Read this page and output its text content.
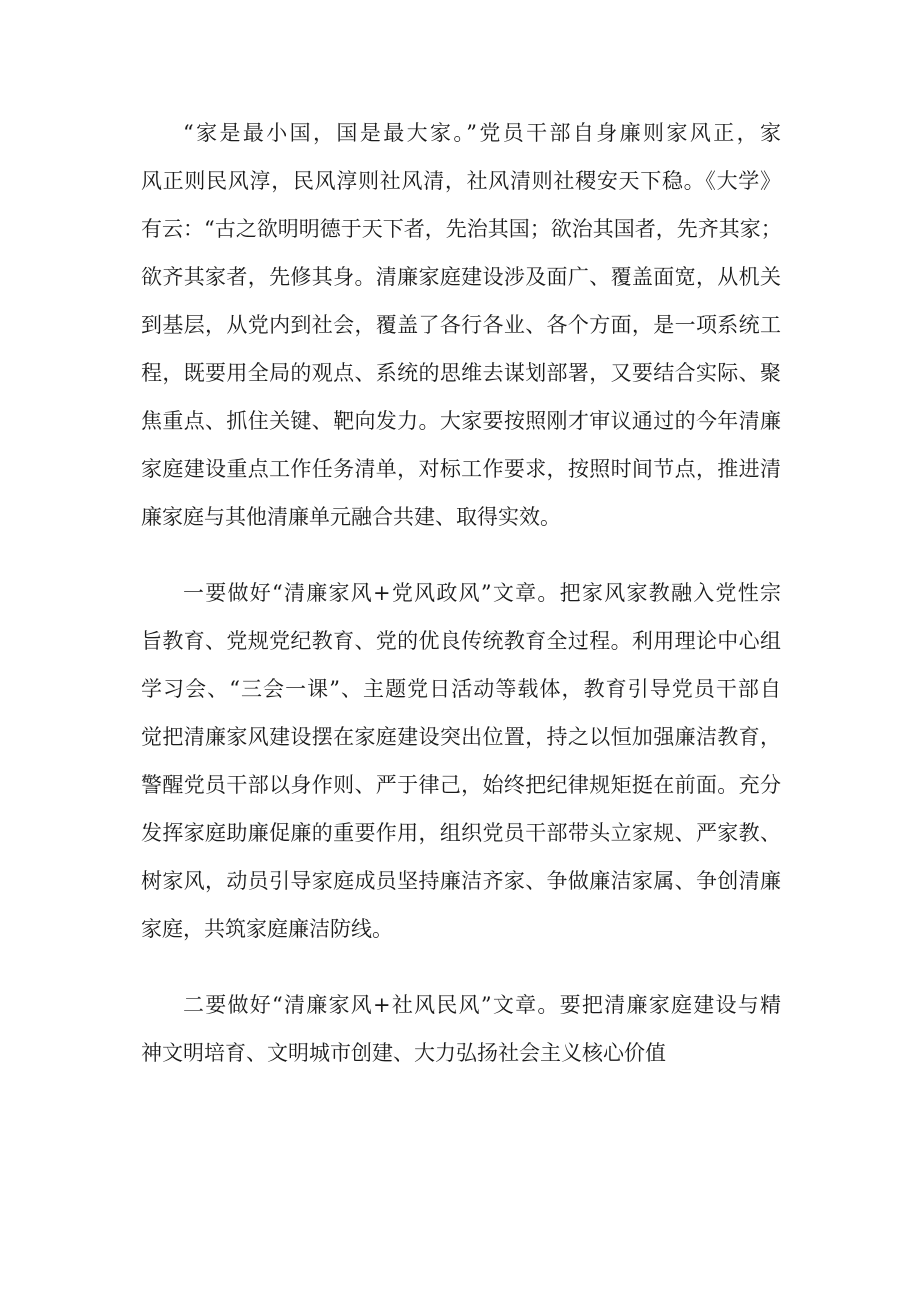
“家是最小国，国是最大家。”党员干部自身廉则家风正，家
风正则民风淳，民风淳则社风清，社风清则社稷安天下稳。《大学》
有云：“古之欲明明德于天下者，先治其国；欲治其国者，先齐其家；
欲齐其家者，先修其身。清廉家庭建设涉及面广、覆盖面宽，从机关
到基层，从党内到社会，覆盖了各行各业、各个方面，是一项系统工
程，既要用全局的观点、系统的思维去谋划部署，又要结合实际、聚
焦重点、抓住关键、靶向发力。大家要按照刚才审议通过的今年清廉
家庭建设重点工作任务清单，对标工作要求，按照时间节点，推进清
廉家庭与其他清廉单元融合共建、取得实效。

一要做好“清廉家风+党风政风”文章。把家风家教融入党性宗
旨教育、党规党纪教育、党的优良传统教育全过程。利用理论中心组
学习会、“三会一课”、主题党日活动等载体，教育引导党员干部自
觉把清廉家风建设摆在家庭建设突出位置，持之以恒加强廉洁教育，
警醒党员干部以身作则、严于律己，始终把纪律规矩挺在前面。充分
发挥家庭助廉促廉的重要作用，组织党员干部带头立家规、严家教、
树家风，动员引导家庭成员坚持廉洁齐家、争做廉洁家属、争创清廉
家庭，共筑家庭廉洁防线。

二要做好“清廉家风+社风民风”文章。要把清廉家庭建设与精
神文明培育、文明城市创建、大力弘扬社会主义核心价值
